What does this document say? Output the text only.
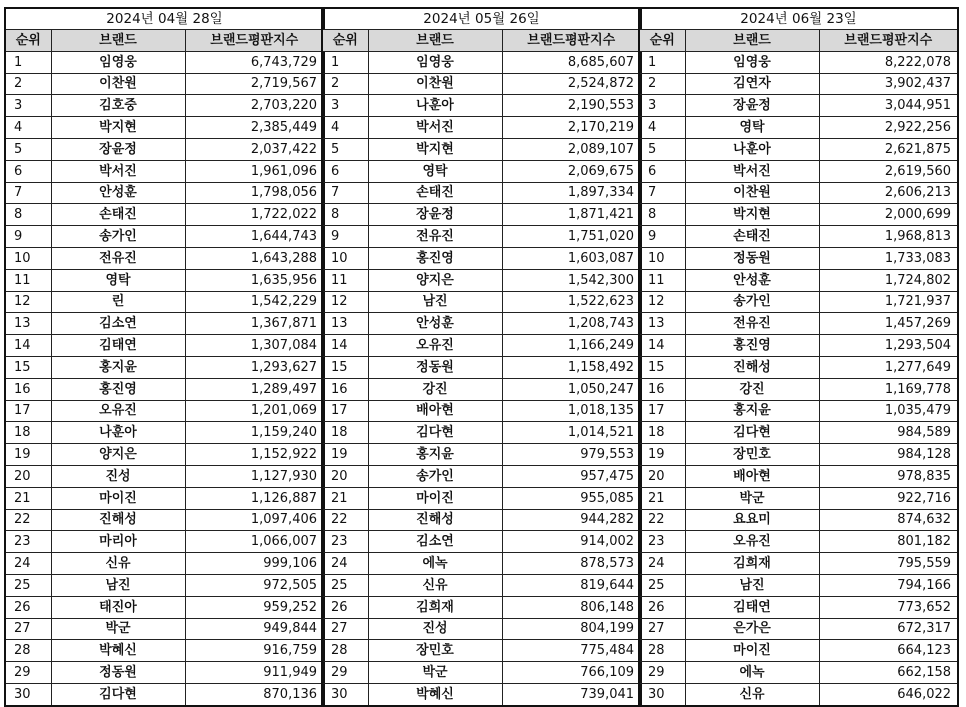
2024년 04월 28일		
순위	브랜드	브랜드평판지수
1	임영웅	6,743,729
2	이찬원	2,719,567
3	김호중	2,703,220
4	박지현	2,385,449
5	장윤정	2,037,422
6	박서진	1,961,096
7	안성훈	1,798,056
8	손태진	1,722,022
9	송가인	1,644,743
10	전유진	1,643,288
11	영탁	1,635,956
12	린	1,542,229
13	김소연	1,367,871
14	김태연	1,307,084
15	홍지윤	1,293,627
16	홍진영	1,289,497
17	오유진	1,201,069
18	나훈아	1,159,240
19	양지은	1,152,922
20	진성	1,127,930
21	마이진	1,126,887
22	진해성	1,097,406
23	마리아	1,066,007
24	신유	999,106
25	남진	972,505
26	태진아	959,252
27	박군	949,844
28	박혜신	916,759
29	정동원	911,949
30	김다현	870,136
2024년 05월 26일		
순위	브랜드	브랜드평판지수
1	임영웅	8,685,607
2	이찬원	2,524,872
3	나훈아	2,190,553
4	박서진	2,170,219
5	박지현	2,089,107
6	영탁	2,069,675
7	손태진	1,897,334
8	장윤정	1,871,421
9	전유진	1,751,020
10	홍진영	1,603,087
11	양지은	1,542,300
12	남진	1,522,623
13	안성훈	1,208,743
14	오유진	1,166,249
15	정동원	1,158,492
16	강진	1,050,247
17	배아현	1,018,135
18	김다현	1,014,521
19	홍지윤	979,553
20	송가인	957,475
21	마이진	955,085
22	진해성	944,282
23	김소연	914,002
24	에녹	878,573
25	신유	819,644
26	김희재	806,148
27	진성	804,199
28	장민호	775,484
29	박군	766,109
30	박혜신	739,041
2024년 06월 23일		
순위	브랜드	브랜드평판지수
1	임영웅	8,222,078
2	김연자	3,902,437
3	장윤정	3,044,951
4	영탁	2,922,256
5	나훈아	2,621,875
6	박서진	2,619,560
7	이찬원	2,606,213
8	박지현	2,000,699
9	손태진	1,968,813
10	정동원	1,733,083
11	안성훈	1,724,802
12	송가인	1,721,937
13	전유진	1,457,269
14	홍진영	1,293,504
15	진해성	1,277,649
16	강진	1,169,778
17	홍지윤	1,035,479
18	김다현	984,589
19	장민호	984,128
20	배아현	978,835
21	박군	922,716
22	요요미	874,632
23	오유진	801,182
24	김희재	795,559
25	남진	794,166
26	김태연	773,652
27	은가은	672,317
28	마이진	664,123
29	에녹	662,158
30	신유	646,022
